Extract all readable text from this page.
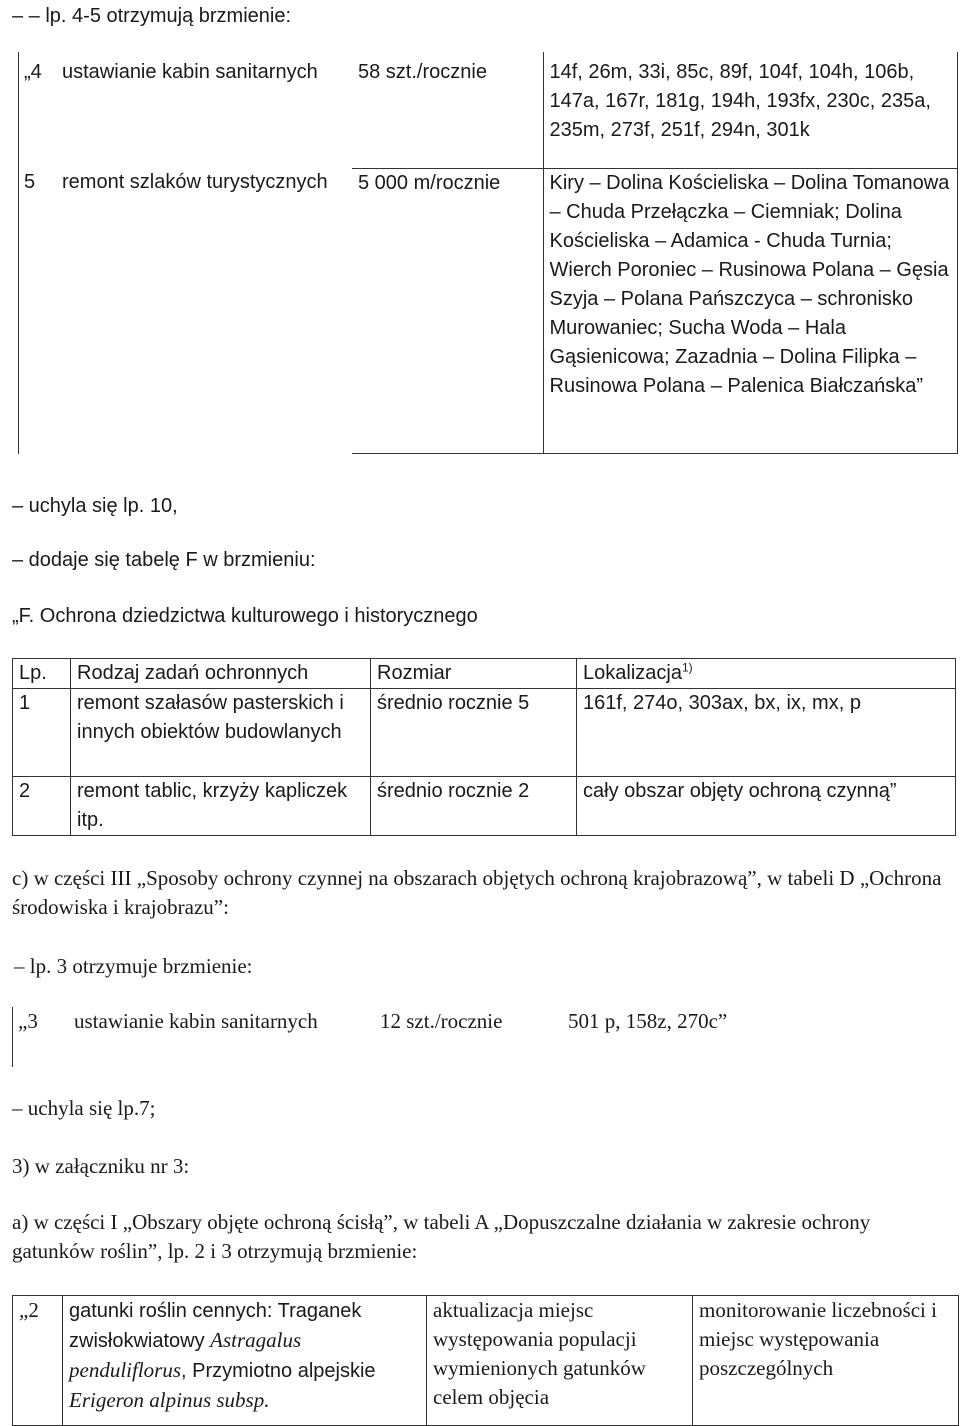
– – lp. 4-5 otrzymują brzmienie:
„4	ustawianie kabin sanitarnych	58 szt./rocznie	14f, 26m, 33i, 85c, 89f, 104f, 104h, 106b, 147a, 167r, 181g, 194h, 193fx, 230c, 235a, 235m, 273f, 251f, 294n, 301k
5	remont szlaków turystycznych	5 000 m/rocznie	Kiry – Dolina Kościeliska – Dolina Tomanowa – Chuda Przełączka – Ciemniak; Dolina Kościeliska – Adamica - Chuda Turnia; Wierch Poroniec – Rusinowa Polana – Gęsia Szyja – Polana Pańszczyca – schronisko Murowaniec; Sucha Woda – Hala Gąsienicowa; Zazadnia – Dolina Filipka – Rusinowa Polana – Palenica Białczańska”
– uchyla się lp. 10,
– dodaje się tabelę F w brzmieniu:
„F. Ochrona dziedzictwa kulturowego i historycznego
Lp.	Rodzaj zadań ochronnych	Rozmiar	Lokalizacja$^{1)}$
1	remont szałasów pasterskich i innych obiektów budowlanych	średnio rocznie 5	161f, 274o, 303ax, bx, ix, mx, p
2	remont tablic, krzyży kapliczek itp.	średnio rocznie 2	cały obszar objęty ochroną czynną”
c) w części III „Sposoby ochrony czynnej na obszarach objętych ochroną krajobrazową”, w tabeli D „Ochrona środowiska i krajobrazu”:
– lp. 3 otrzymuje brzmienie:
„3	ustawianie kabin sanitarnych	12 szt./rocznie	501 p, 158z, 270c”
– uchyla się lp.7;
3) w załączniku nr 3:
a) w części I „Obszary objęte ochroną ścisłą”, w tabeli A „Dopuszczalne działania w zakresie ochrony gatunków roślin”, lp. 2 i 3 otrzymują brzmienie:
„2	gatunki roślin cennych: Traganek zwisłokwiatowy Astragalus penduliflorus, Przymiotno alpejskie Erigeron alpinus subsp.	aktualizacja miejsc występowania populacji wymienionych gatunków celem objęcia	monitorowanie liczebności i miejsc występowania poszczególnych
